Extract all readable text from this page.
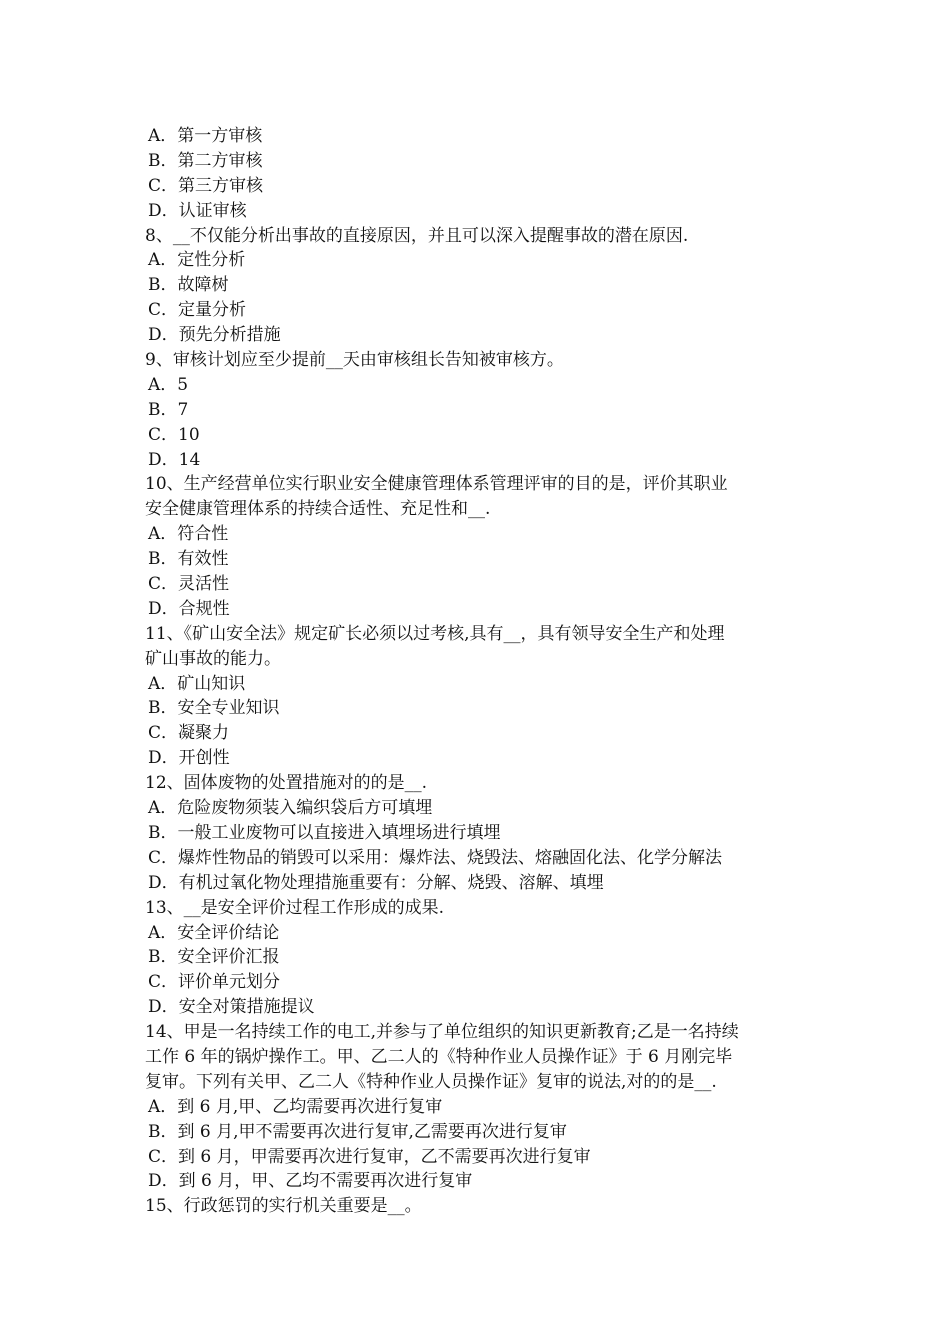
A．第一方审核
B．第二方审核
C．第三方审核
D．认证审核
8、__不仅能分析出事故的直接原因，并且可以深入提醒事故的潜在原因.
A．定性分析
B．故障树
C．定量分析
D．预先分析措施
9、审核计划应至少提前__天由审核组长告知被审核方。
A．5
B．7
C．10
D．14
10、生产经营单位实行职业安全健康管理体系管理评审的目的是，评价其职业
安全健康管理体系的持续合适性、充足性和__.
A．符合性
B．有效性
C．灵活性
D．合规性
11、《矿山安全法》规定矿长必须以过考核,具有__，具有领导安全生产和处理
矿山事故的能力。
A．矿山知识
B．安全专业知识
C．凝聚力
D．开创性
12、固体废物的处置措施对的的是__.
A．危险废物须装入编织袋后方可填埋
B．一般工业废物可以直接进入填埋场进行填埋
C．爆炸性物品的销毁可以采用：爆炸法、烧毁法、熔融固化法、化学分解法
D．有机过氧化物处理措施重要有：分解、烧毁、溶解、填埋
13、__是安全评价过程工作形成的成果.
A．安全评价结论
B．安全评价汇报
C．评价单元划分
D．安全对策措施提议
14、甲是一名持续工作的电工,并参与了单位组织的知识更新教育;乙是一名持续
工作 6 年的锅炉操作工。甲、乙二人的《特种作业人员操作证》于 6 月刚完毕
复审。下列有关甲、乙二人《特种作业人员操作证》复审的说法,对的的是__.
A．到 6 月,甲、乙均需要再次进行复审
B．到 6 月,甲不需要再次进行复审,乙需要再次进行复审
C．到 6 月，甲需要再次进行复审，乙不需要再次进行复审
D．到 6 月，甲、乙均不需要再次进行复审
15、行政惩罚的实行机关重要是__。
